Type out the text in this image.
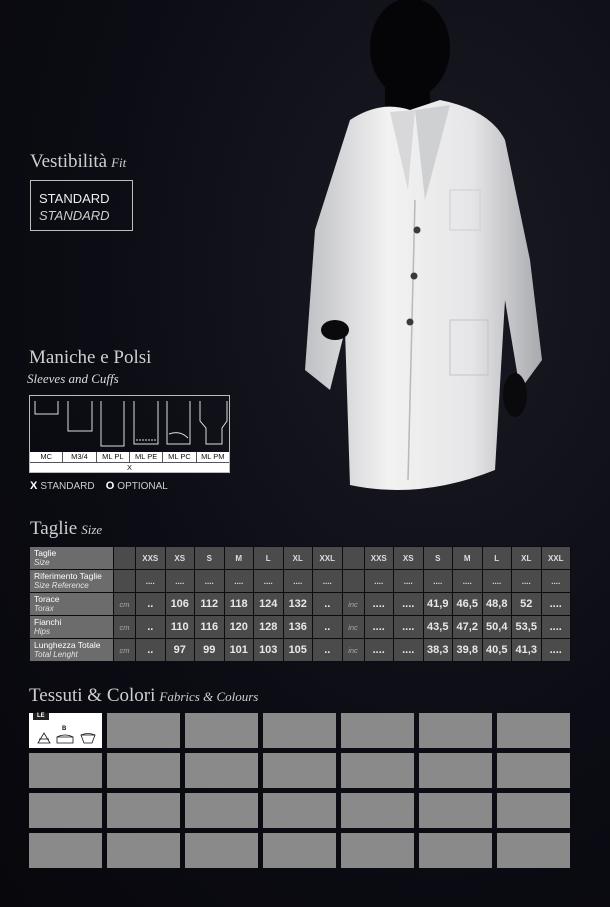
Vestibilità Fit
STANDARD
STANDARD
Maniche e Polsi
Sleeves and Cuffs
MC	M3/4	ML PL	ML PE	ML PC	ML PM
X
X STANDARD O OPTIONAL
Taglie Size
Taglie
Size		XXS	XS	S	M	L	XL	XXL		XXS	XS	S	M	L	XL	XXL

Riferimento Taglie
Size Reference		....	....	....	....	....	....	....		....	....	....	....	....	....	....

Torace
Torax	cm	..	106	112	118	124	132	..	inc	....	....	41,9	46,5	48,8	52	....

Fianchi
Hips	cm	..	110	116	120	128	136	..	inc	....	....	43,5	47,2	50,4	53,5	....

Lunghezza Totale
Total Lenght	cm	..	97	99	101	103	105	..	inc	....	....	38,3	39,8	40,5	41,3	....
Tessuti & Colori Fabrics & Colours
LE
B
